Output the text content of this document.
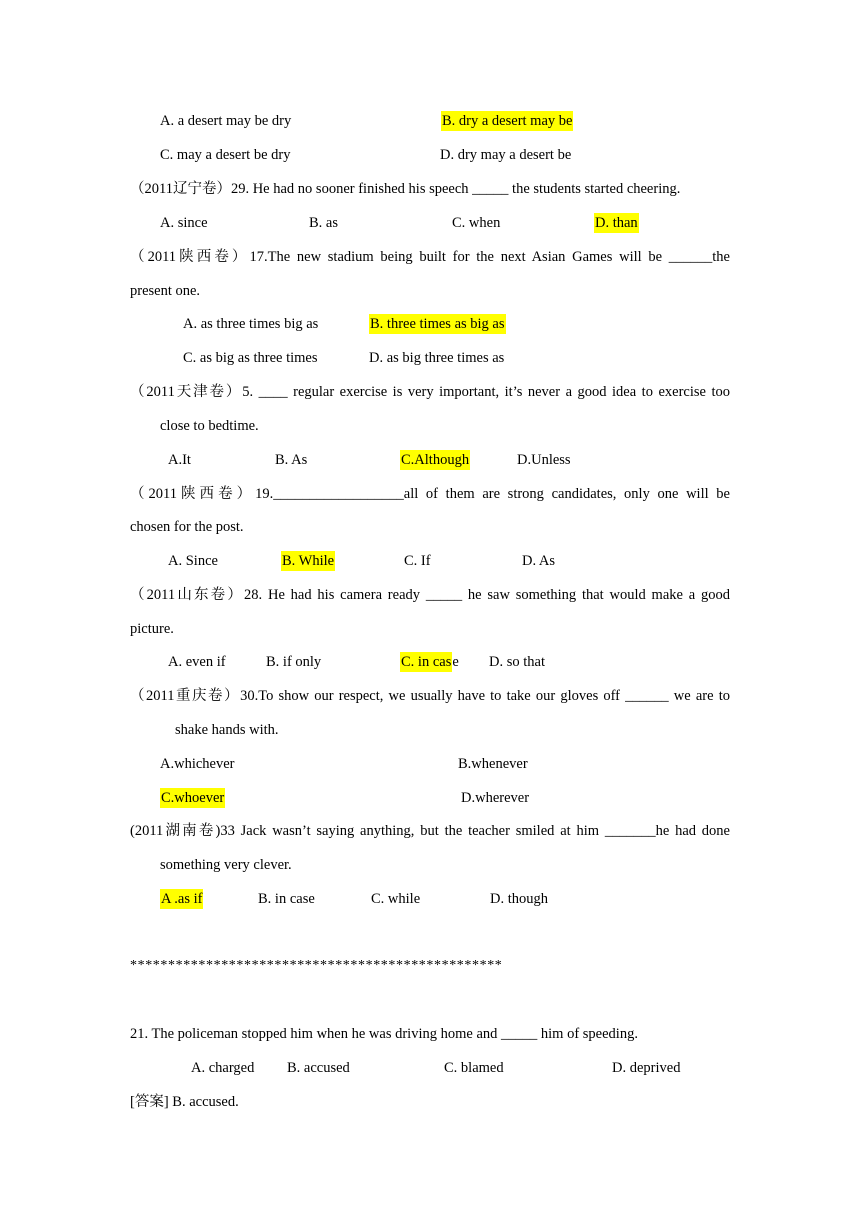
A. a desert may be dry	B. dry a desert may be
C. may a desert be dry	D. dry may a desert be
（2011辽宁卷）29. He had no sooner finished his speech _____ the students started cheering.
A. since	B. as	C. when	D. than
（2011陕西卷）17.The new stadium being built for the next Asian Games will be ______the
present one.
A. as three times big as	B. three times as big as
C. as big as three times	D. as big three times as
（2011天津卷）5. ____ regular exercise is very important, it’s never a good idea to exercise too
close to bedtime.
A.It	B. As	C.Although	D.Unless
（2011陕西卷）19.__________________all of them are strong candidates, only one will be
chosen for the post.
A. Since	B. While	C. If	D. As
（2011山东卷）28. He had his camera ready _____ he saw something that would make a good
picture.
A. even if	B. if only	C. in case D. so that
（2011重庆卷）30.To show our respect, we usually have to take our gloves off ______ we are to
shake hands with.
A.whichever	B.whenever
C.whoever	D.wherever
(2011湖南卷)33 Jack wasn’t saying anything, but the teacher smiled at him _______he had done
something very clever.
A .as if	B. in case	C. while	D. though
*************************************************
21. The policeman stopped him when he was driving home and _____ him of speeding.
A. charged B. accused	C. blamed	D. deprived
[答案] B. accused.
